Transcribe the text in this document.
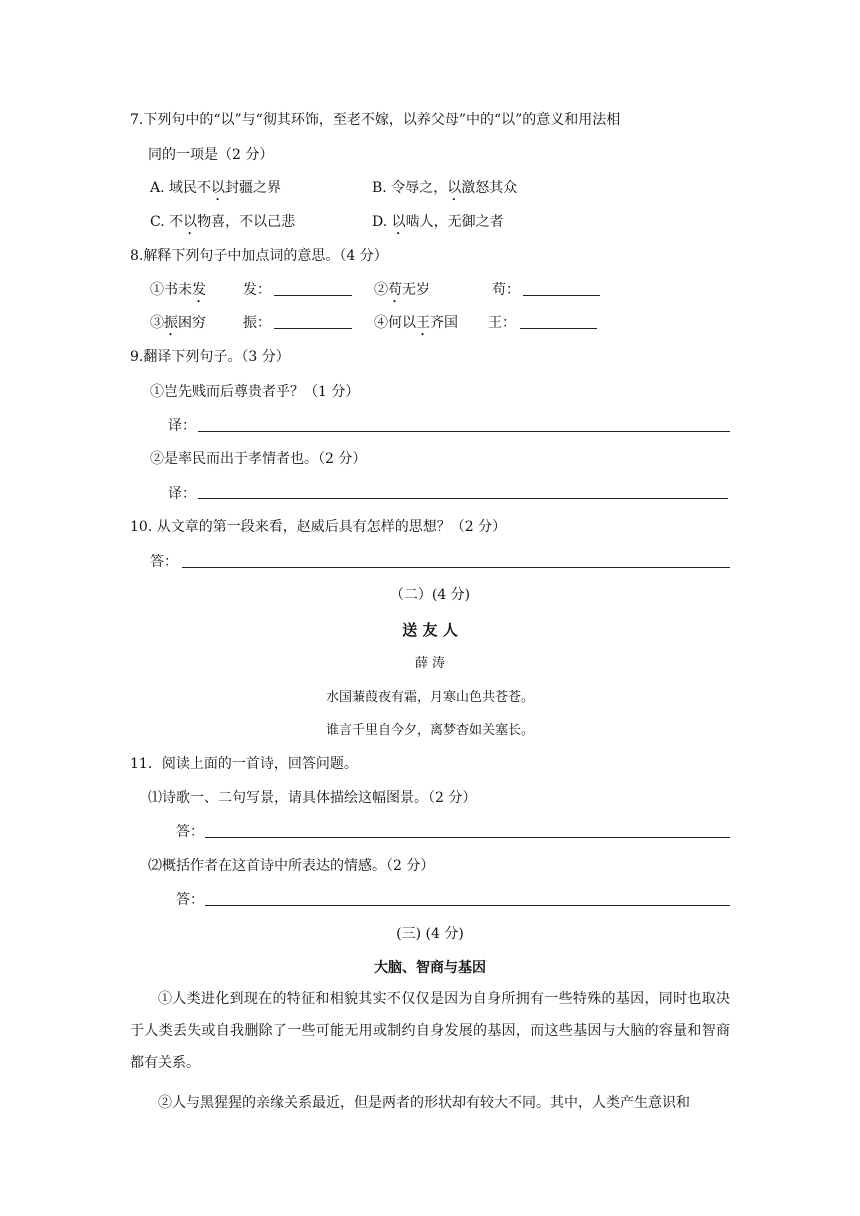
7.下列句中的“以”与“彻其环饰，至老不嫁，以养父母”中的“以”的意义和用法相
同的一项是（2 分）
A. 域民不以封疆之界	B. 令辱之，以激怒其众
C. 不以物喜，不以己悲	D. 以啮人，无御之者
8.解释下列句子中加点词的意思。（4 分）
①书未发	发：	②苟无岁	苟：
③振困穷	振：	④何以王齐国 王：
9.翻译下列句子。（3 分）
①岂先贱而后尊贵者乎？（1 分）
译：
②是率民而出于孝情者也。（2 分）
译：
10. 从文章的第一段来看，赵威后具有怎样的思想？（2 分）
答：
（二）(4 分)
送 友 人
薛 涛
水国蒹葭夜有霜，月寒山色共苍苍。
谁言千里自今夕，离梦杳如关塞长。
11．阅读上面的一首诗，回答问题。
⑴诗歌一、二句写景，请具体描绘这幅图景。（2 分）
答：
⑵概括作者在这首诗中所表达的情感。（2 分）
答：
(三) (4 分)
大脑、智商与基因
①人类进化到现在的特征和相貌其实不仅仅是因为自身所拥有一些特殊的基因，同时也取决于人类丢失或自我删除了一些可能无用或制约自身发展的基因，而这些基因与大脑的容量和智商都有关系。
②人与黑猩猩的亲缘关系最近，但是两者的形状却有较大不同。其中，人类产生意识和
